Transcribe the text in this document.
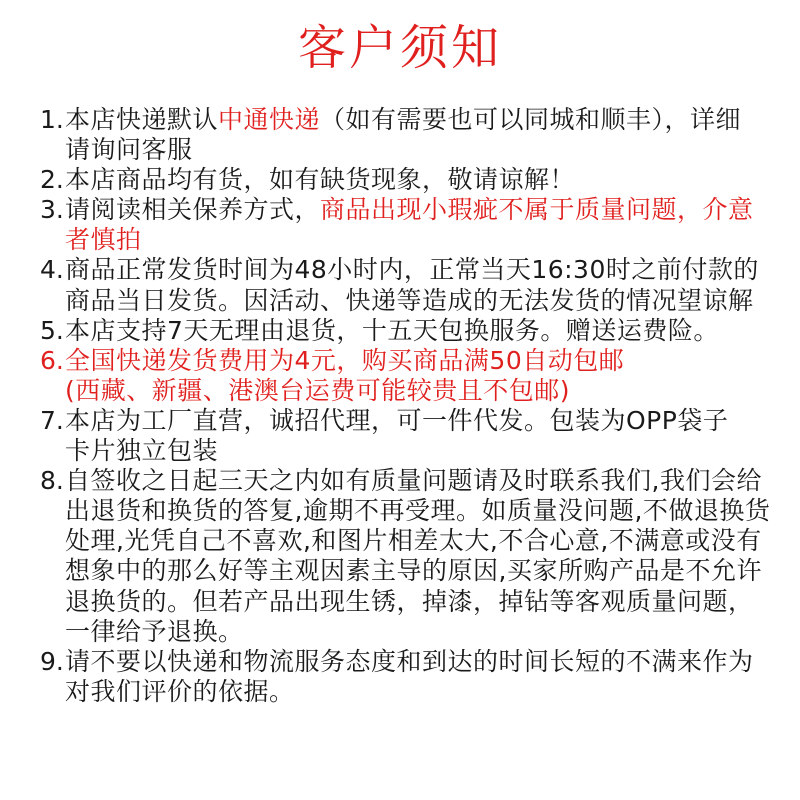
客户须知
1.本店快递默认中通快递（如有需要也可以同城和顺丰），详细
请询问客服
2.本店商品均有货，如有缺货现象，敬请谅解！
3.请阅读相关保养方式，商品出现小瑕疵不属于质量问题，介意
者慎拍
4.商品正常发货时间为48小时内，正常当天16:30时之前付款的
商品当日发货。因活动、快递等造成的无法发货的情况望谅解
5.本店支持7天无理由退货，十五天包换服务。赠送运费险。
6.全国快递发货费用为4元，购买商品满50自动包邮
(西藏、新疆、港澳台运费可能较贵且不包邮)
7.本店为工厂直营，诚招代理，可一件代发。包装为OPP袋子
卡片独立包装
8.自签收之日起三天之内如有质量问题请及时联系我们,我们会给
出退货和换货的答复,逾期不再受理。如质量没问题,不做退换货
处理,光凭自己不喜欢,和图片相差太大,不合心意,不满意或没有
想象中的那么好等主观因素主导的原因,买家所购产品是不允许
退换货的。但若产品出现生锈，掉漆，掉钻等客观质量问题，
一律给予退换。
9.请不要以快递和物流服务态度和到达的时间长短的不满来作为
对我们评价的依据。
